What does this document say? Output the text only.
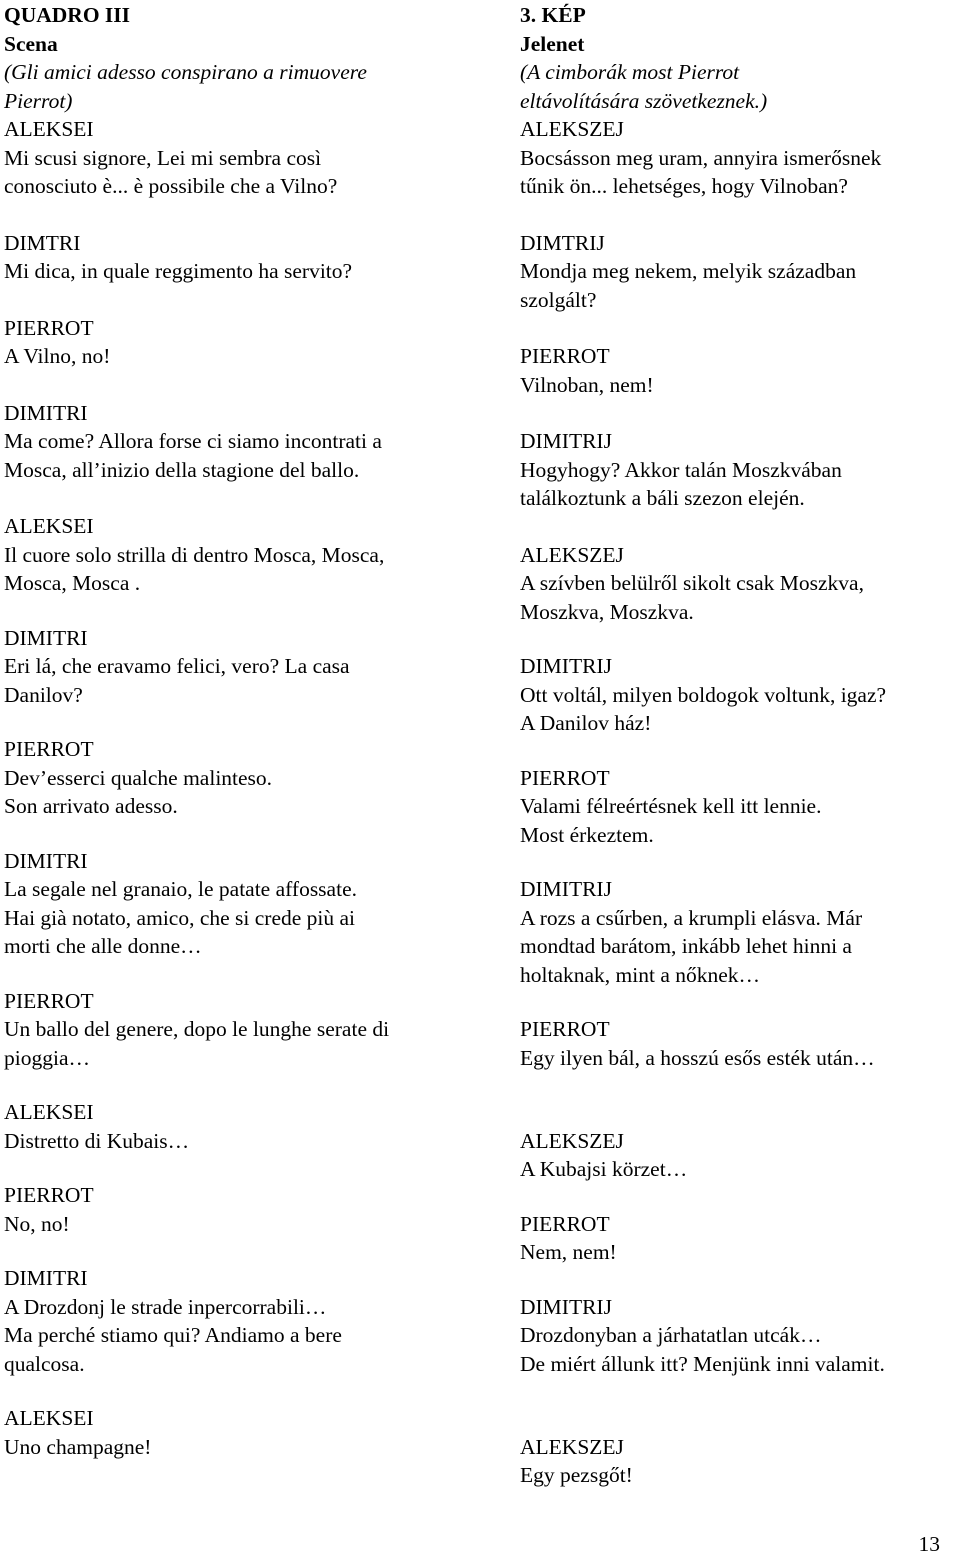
QUADRO III
Scena
(Gli amici adesso conspirano a rimuovere
Pierrot)
ALEKSEI
Mi scusi signore, Lei mi sembra così
conosciuto è... è possibile che a Vilno?
DIMTRI
Mi dica, in quale reggimento ha servito?
PIERROT
A Vilno, no!
DIMITRI
Ma come? Allora forse ci siamo incontrati a
Mosca, all’inizio della stagione del ballo.
ALEKSEI
Il cuore solo strilla di dentro Mosca, Mosca,
Mosca, Mosca .
DIMITRI
Eri lá, che eravamo felici, vero? La casa
Danilov?
PIERROT
Dev’esserci qualche malinteso.
Son arrivato adesso.
DIMITRI
La segale nel granaio, le patate affossate.
Hai già notato, amico, che si crede più ai
morti che alle donne…
PIERROT
Un ballo del genere, dopo le lunghe serate di
pioggia…
ALEKSEI
Distretto di Kubais…
PIERROT
No, no!
DIMITRI
A Drozdonj le strade inpercorrabili…
Ma perché stiamo qui? Andiamo a bere
qualcosa.
ALEKSEI
Uno champagne!
3. KÉP
Jelenet
(A cimborák most Pierrot
eltávolítására szövetkeznek.)
ALEKSZEJ
Bocsásson meg uram, annyira ismerősnek
tűnik ön... lehetséges, hogy Vilnoban?
DIMTRIJ
Mondja meg nekem, melyik században
szolgált?
PIERROT
Vilnoban, nem!
DIMITRIJ
Hogyhogy? Akkor talán Moszkvában
találkoztunk a báli szezon elején.
ALEKSZEJ
A szívben belülről sikolt csak Moszkva,
Moszkva, Moszkva.
DIMITRIJ
Ott voltál, milyen boldogok voltunk, igaz?
A Danilov ház!
PIERROT
Valami félreértésnek kell itt lennie.
Most érkeztem.
DIMITRIJ
A rozs a csűrben, a krumpli elásva. Már
mondtad barátom, inkább lehet hinni a
holtaknak, mint a nőknek…
PIERROT
Egy ilyen bál, a hosszú esős esték után…
ALEKSZEJ
A Kubajsi körzet…
PIERROT
Nem, nem!
DIMITRIJ
Drozdonyban a járhatatlan utcák…
De miért állunk itt? Menjünk inni valamit.
ALEKSZEJ
Egy pezsgőt!
13
